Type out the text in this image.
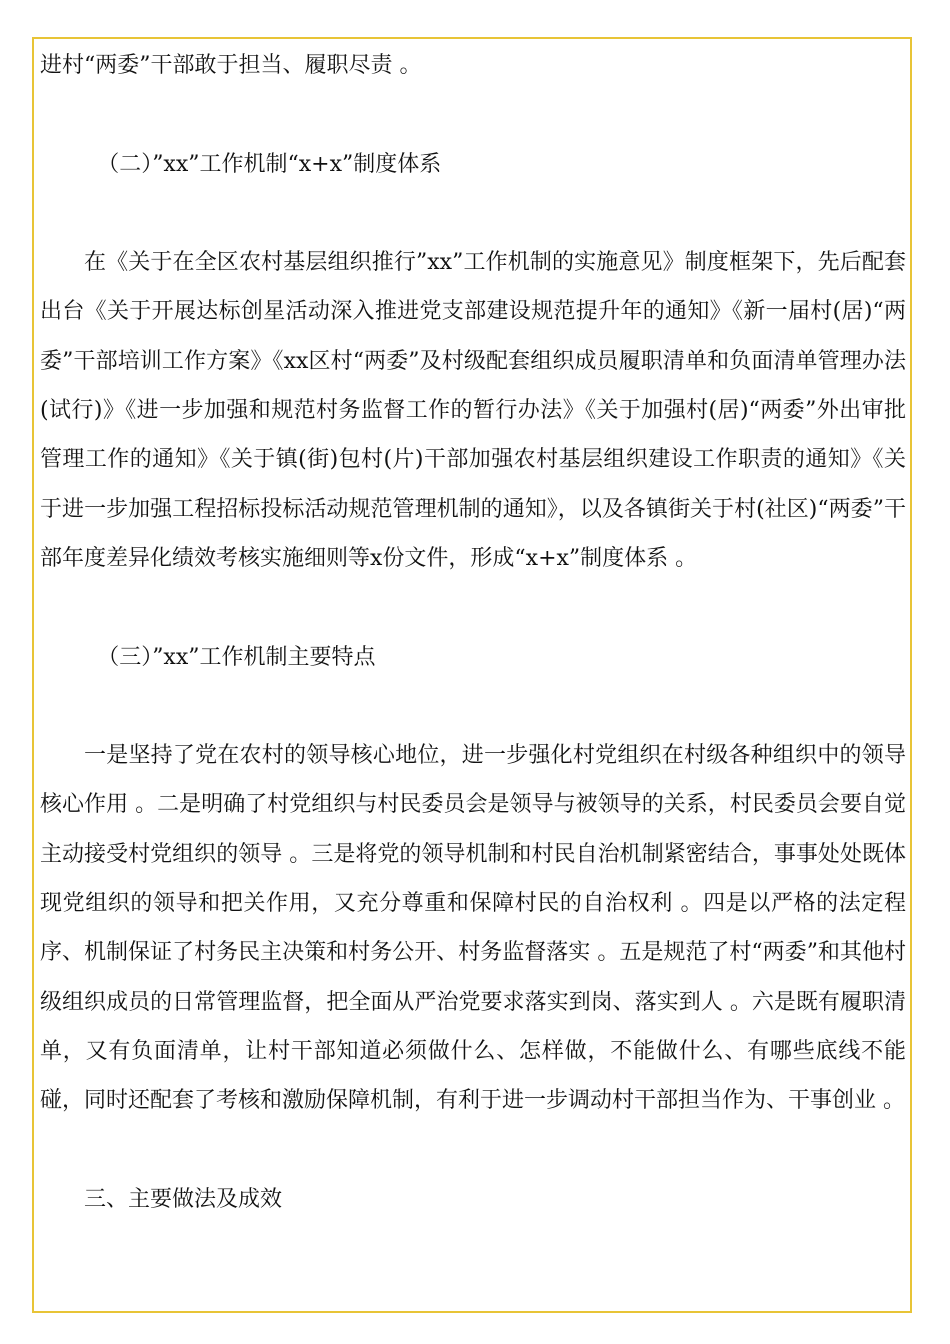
进村“两委”干部敢于担当、履职尽责 。

（二）”xx”工作机制“x+x”制度体系

在《关于在全区农村基层组织推行”xx”工作机制的实施意见》制度框架下，先后配套出台《关于开展达标创星活动深入推进党支部建设规范提升年的通知》《新一届村(居)“两委”干部培训工作方案》《xx区村“两委”及村级配套组织成员履职清单和负面清单管理办法(试行)》《进一步加强和规范村务监督工作的暂行办法》《关于加强村(居)“两委”外出审批管理工作的通知》《关于镇(街)包村(片)干部加强农村基层组织建设工作职责的通知》《关于进一步加强工程招标投标活动规范管理机制的通知》，以及各镇街关于村(社区)“两委”干部年度差异化绩效考核实施细则等x份文件，形成“x+x”制度体系 。

（三）”xx”工作机制主要特点

一是坚持了党在农村的领导核心地位，进一步强化村党组织在村级各种组织中的领导核心作用 。二是明确了村党组织与村民委员会是领导与被领导的关系，村民委员会要自觉主动接受村党组织的领导 。三是将党的领导机制和村民自治机制紧密结合，事事处处既体现党组织的领导和把关作用，又充分尊重和保障村民的自治权利 。四是以严格的法定程序、机制保证了村务民主决策和村务公开、村务监督落实 。五是规范了村“两委”和其他村级组织成员的日常管理监督，把全面从严治党要求落实到岗、落实到人 。六是既有履职清单，又有负面清单，让村干部知道必须做什么、怎样做，不能做什么、有哪些底线不能碰，同时还配套了考核和激励保障机制，有利于进一步调动村干部担当作为、干事创业 。

三、主要做法及成效
